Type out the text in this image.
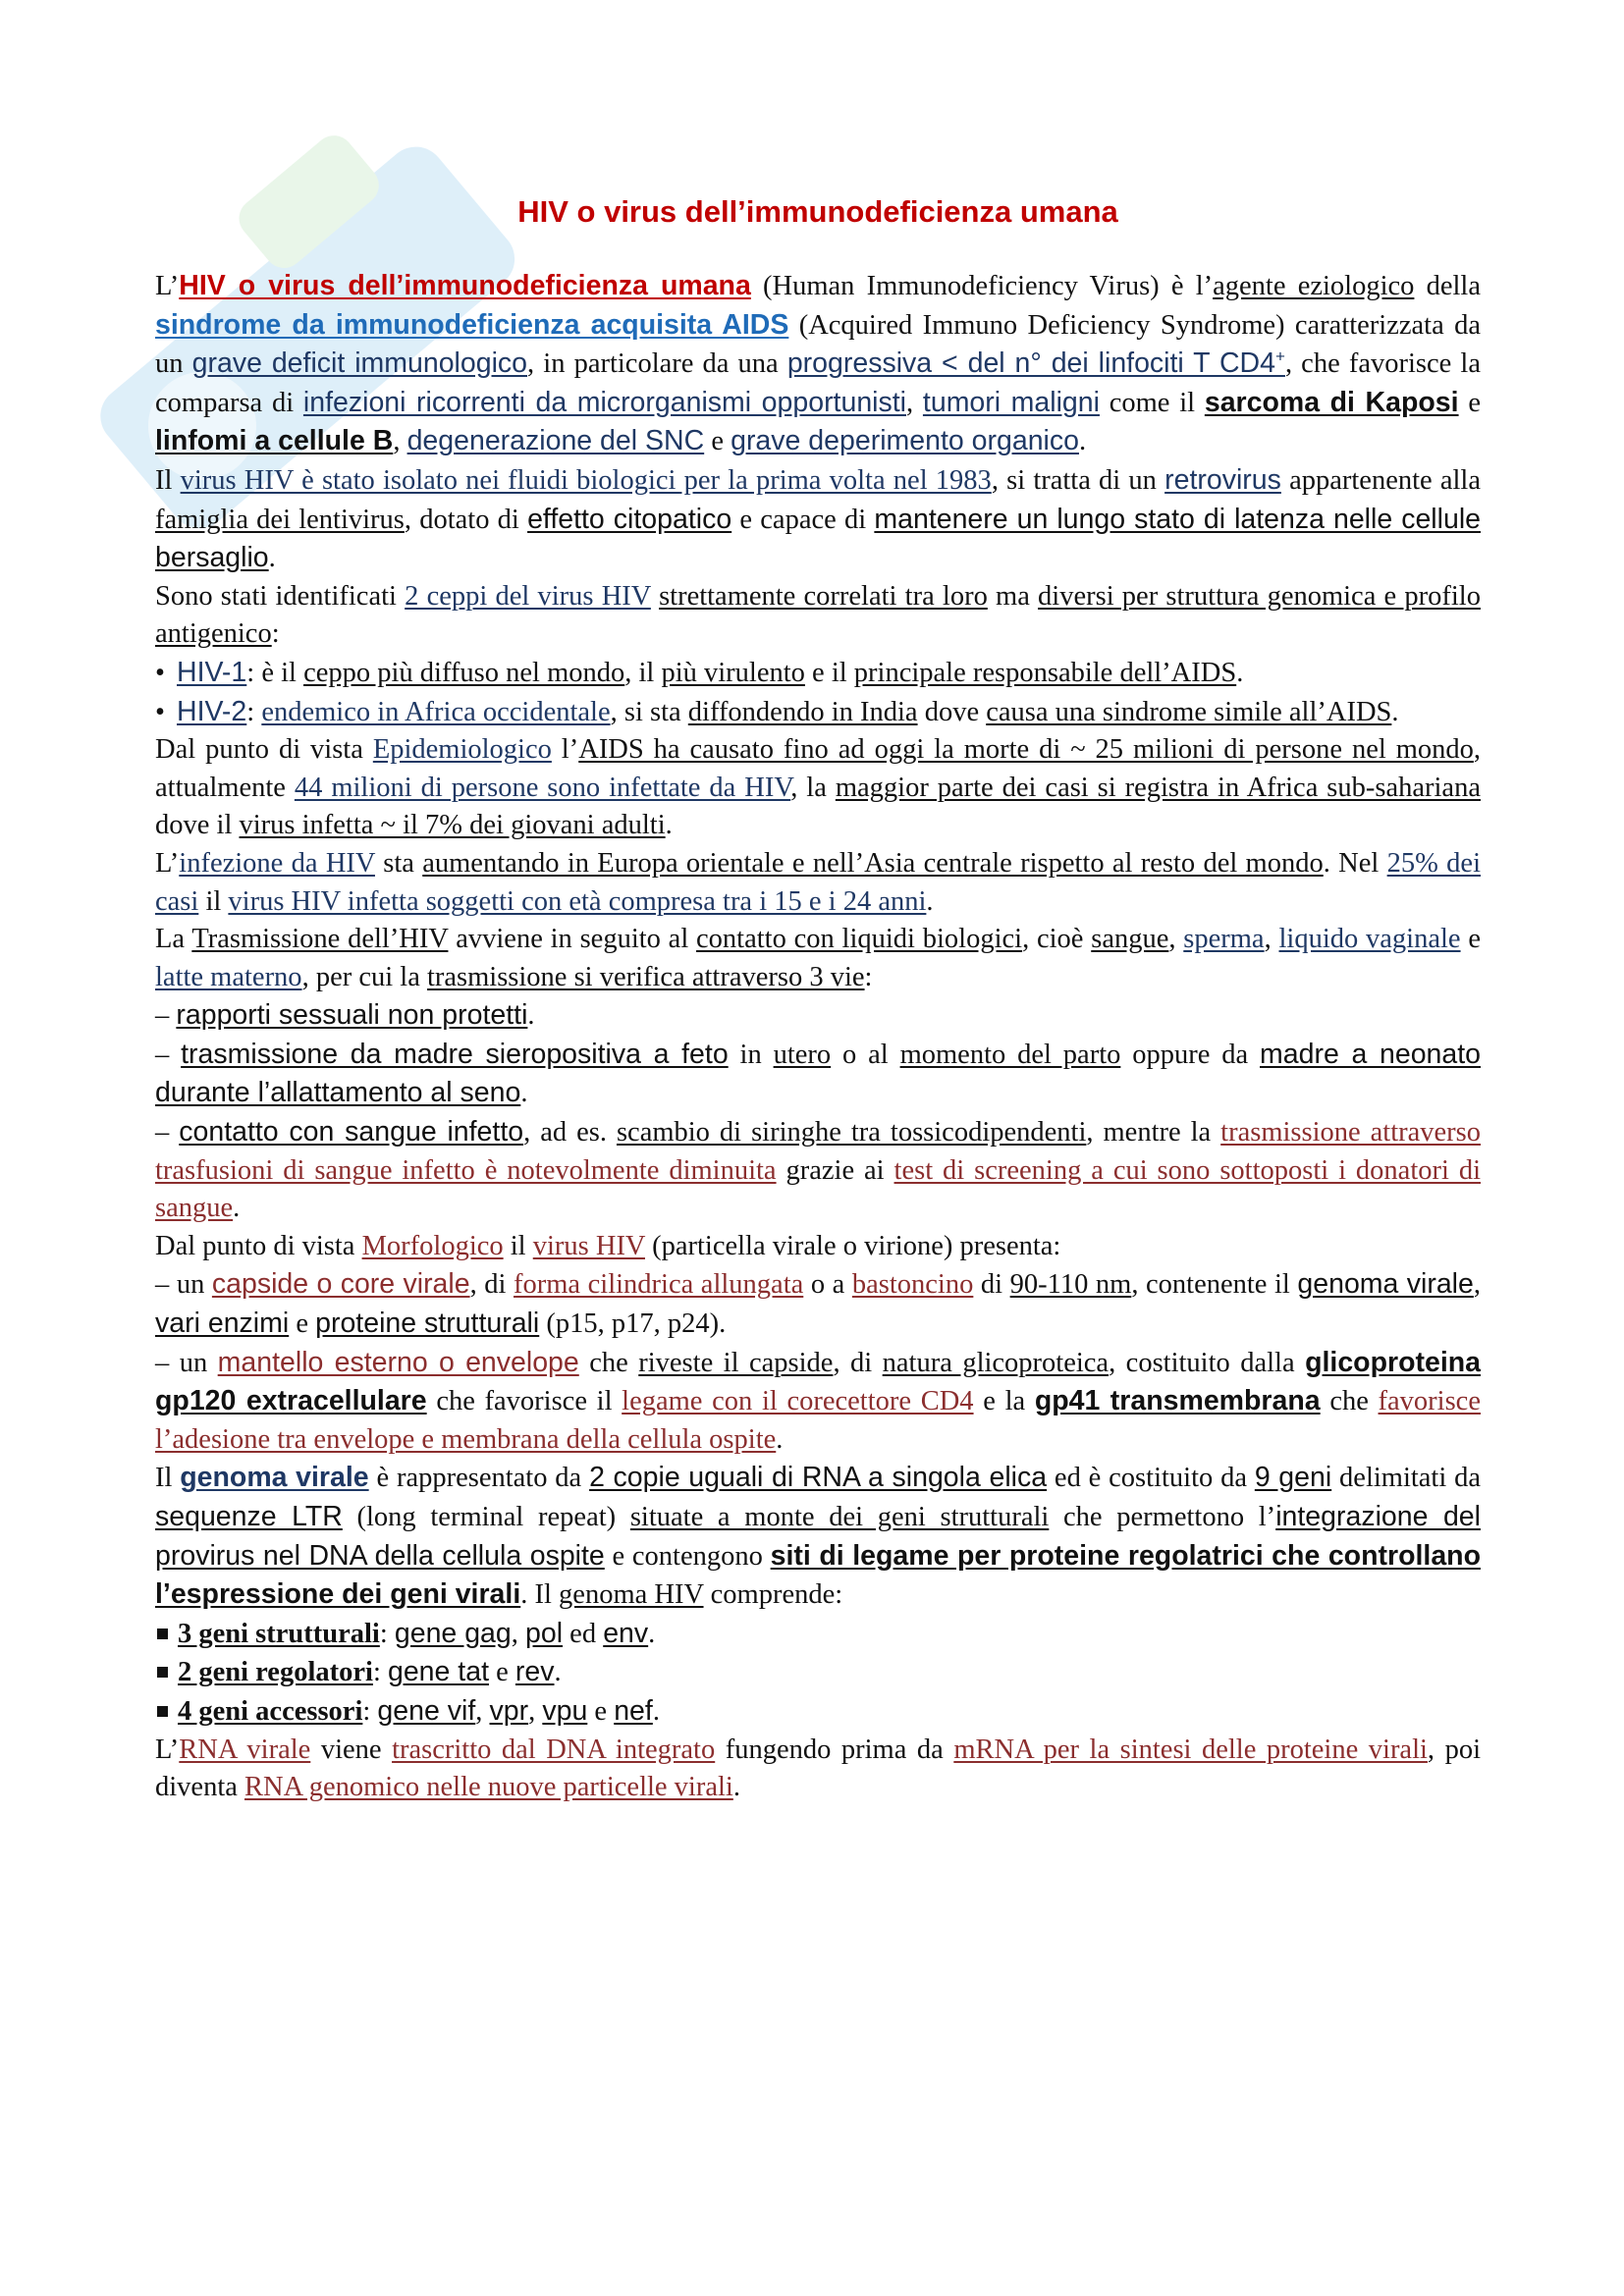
HIV o virus dell’immunodeficienza umana

L’HIV o virus dell’immunodeficienza umana (Human Immunodeficiency Virus) è l’agente eziologico della sindrome da immunodeficienza acquisita AIDS (Acquired Immuno Deficiency Syndrome) caratterizzata da un grave deficit immunologico, in particolare da una progressiva < del n° dei linfociti T CD4+, che favorisce la comparsa di infezioni ricorrenti da microrganismi opportunisti, tumori maligni come il sarcoma di Kaposi e linfomi a cellule B, degenerazione del SNC e grave deperimento organico.

Il virus HIV è stato isolato nei fluidi biologici per la prima volta nel 1983, si tratta di un retrovirus appartenente alla famiglia dei lentivirus, dotato di effetto citopatico e capace di mantenere un lungo stato di latenza nelle cellule bersaglio.

Sono stati identificati 2 ceppi del virus HIV strettamente correlati tra loro ma diversi per struttura genomica e profilo antigenico:

• HIV-1: è il ceppo più diffuso nel mondo, il più virulento e il principale responsabile dell’AIDS.

• HIV-2: endemico in Africa occidentale, si sta diffondendo in India dove causa una sindrome simile all’AIDS.

Dal punto di vista Epidemiologico l’AIDS ha causato fino ad oggi la morte di ~ 25 milioni di persone nel mondo, attualmente 44 milioni di persone sono infettate da HIV, la maggior parte dei casi si registra in Africa sub-sahariana dove il virus infetta ~ il 7% dei giovani adulti.

L’infezione da HIV sta aumentando in Europa orientale e nell’Asia centrale rispetto al resto del mondo. Nel 25% dei casi il virus HIV infetta soggetti con età compresa tra i 15 e i 24 anni.

La Trasmissione dell’HIV avviene in seguito al contatto con liquidi biologici, cioè sangue, sperma, liquido vaginale e latte materno, per cui la trasmissione si verifica attraverso 3 vie:

– rapporti sessuali non protetti.

– trasmissione da madre sieropositiva a feto in utero o al momento del parto oppure da madre a neonato durante l’allattamento al seno.

– contatto con sangue infetto, ad es. scambio di siringhe tra tossicodipendenti, mentre la trasmissione attraverso trasfusioni di sangue infetto è notevolmente diminuita grazie ai test di screening a cui sono sottoposti i donatori di sangue.

Dal punto di vista Morfologico il virus HIV (particella virale o virione) presenta:

– un capside o core virale, di forma cilindrica allungata o a bastoncino di 90-110 nm, contenente il genoma virale, vari enzimi e proteine strutturali (p15, p17, p24).

– un mantello esterno o envelope che riveste il capside, di natura glicoproteica, costituito dalla glicoproteina gp120 extracellulare che favorisce il legame con il corecettore CD4 e la gp41 transmembrana che favorisce l’adesione tra envelope e membrana della cellula ospite.

Il genoma virale è rappresentato da 2 copie uguali di RNA a singola elica ed è costituito da 9 geni delimitati da sequenze LTR (long terminal repeat) situate a monte dei geni strutturali che permettono l’integrazione del provirus nel DNA della cellula ospite e contengono siti di legame per proteine regolatrici che controllano l’espressione dei geni virali. Il genoma HIV comprende:

3 geni strutturali: gene gag, pol ed env.

2 geni regolatori: gene tat e rev.

4 geni accessori: gene vif, vpr, vpu e nef.

L’RNA virale viene trascritto dal DNA integrato fungendo prima da mRNA per la sintesi delle proteine virali, poi diventa RNA genomico nelle nuove particelle virali.
